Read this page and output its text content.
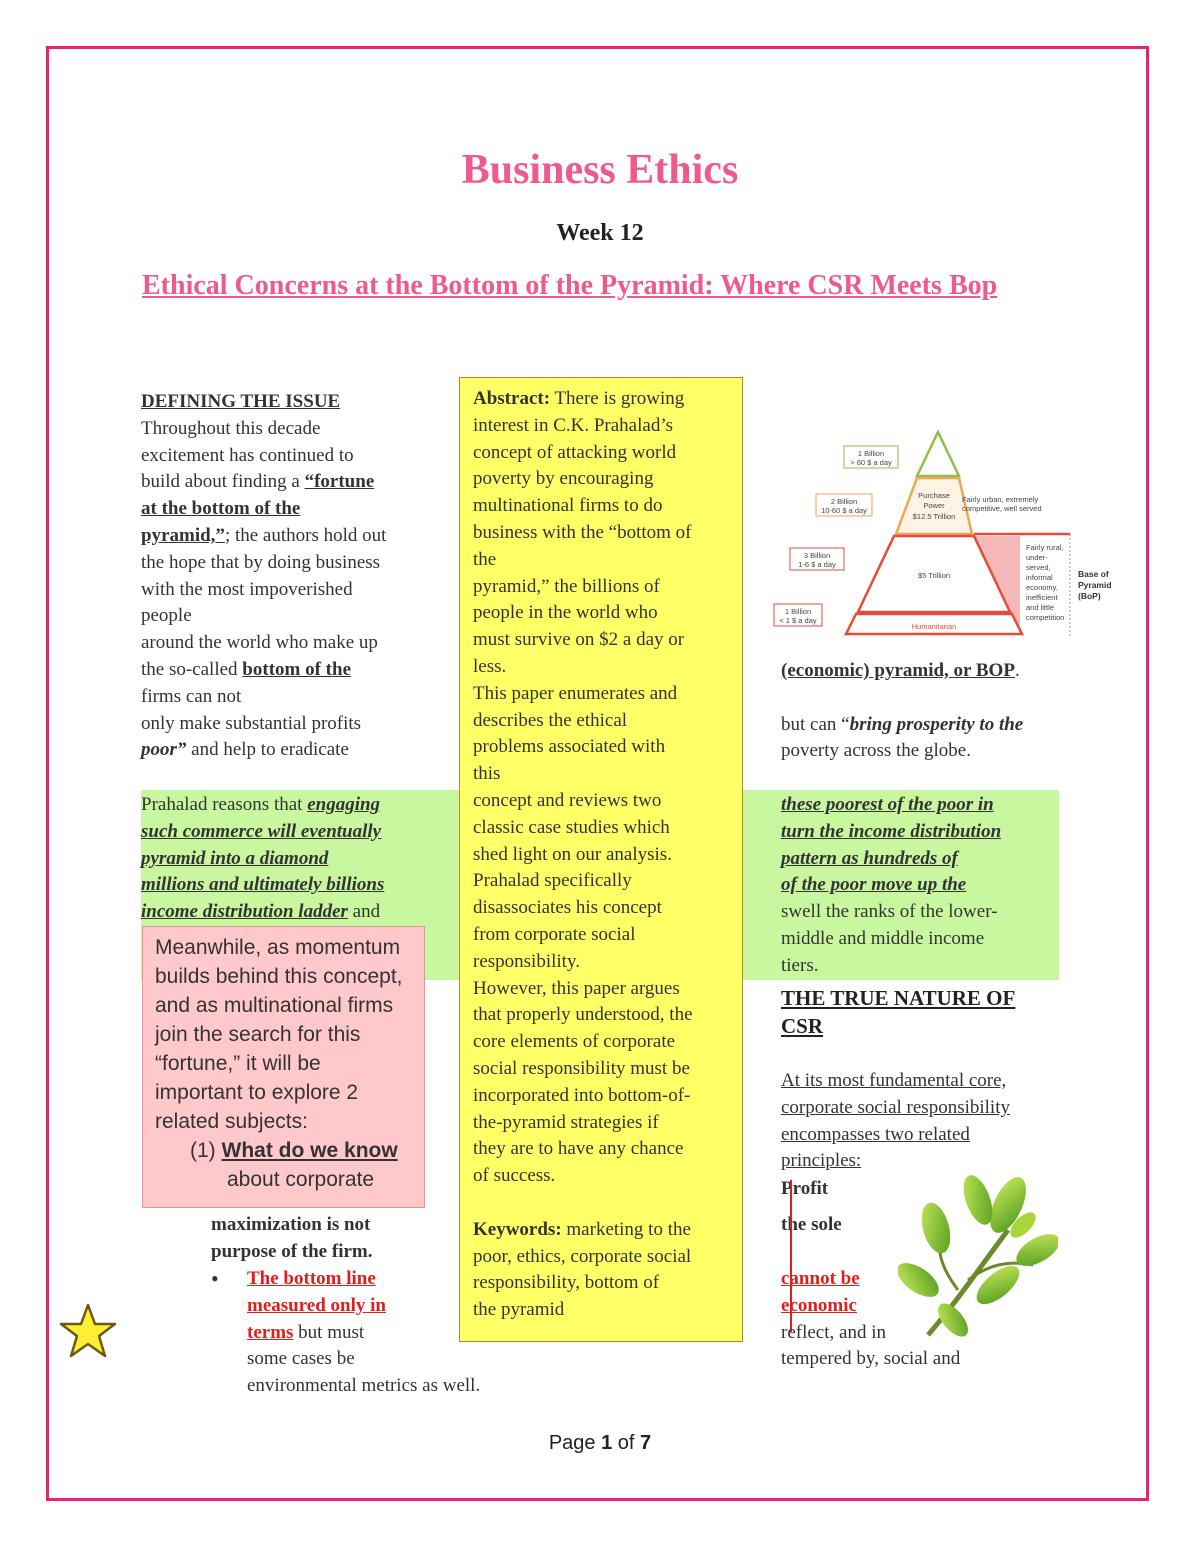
Business Ethics
Week 12
Ethical Concerns at the Bottom of the Pyramid: Where CSR Meets Bop
DEFINING THE ISSUE
Throughout this decade
excitement has continued to
build about finding a “fortune
at the bottom of the
pyramid,”; the authors hold out
the hope that by doing business
with the most impoverished
people
around the world who make up
the so-called bottom of the
firms can not
only make substantial profits
poor” and help to eradicate
Prahalad reasons that engaging
such commerce will eventually
pyramid into a diamond
millions and ultimately billions
income distribution ladder and
Meanwhile, as momentum
builds behind this concept,
and as multinational firms
join the search for this
“fortune,” it will be
important to explore 2
related subjects:
(1) What do we know
about corporate
maximization is not
purpose of the firm.
•	The bottom line
measured only in
terms but must
some cases be
environmental metrics as well.
Abstract: There is growing
interest in C.K. Prahalad’s
concept of attacking world
poverty by encouraging
multinational firms to do
business with the “bottom of
the
pyramid,” the billions of
people in the world who
must survive on $2 a day or
less.
This paper enumerates and
describes the ethical
problems associated with
this
concept and reviews two
classic case studies which
shed light on our analysis.
Prahalad specifically
disassociates his concept
from corporate social
responsibility.
However, this paper argues
that properly understood, the
core elements of corporate
social responsibility must be
incorporated into bottom-of-
the-pyramid strategies if
they are to have any chance
of success.
Keywords: marketing to the
poor, ethics, corporate social
responsibility, bottom of
the pyramid
1 Billion
> 60 $ a day
2 Billion
10-60 $ a day
3 Billion
1-6 $ a day
1 Billion
< 1 $ a day
Purchase
Power
$12.5 Trillion
$5 Trillion
Humanitarian
Fairly urban, extremely
competitive, well served
Fairly rural,
under-
served,
informal
economy,
inefficient
and little
competition
Base of
Pyramid
(BoP)
(economic) pyramid, or BOP.
but can “bring prosperity to the
poverty across the globe.
these poorest of the poor in
turn the income distribution
pattern as hundreds of
of the poor move up the
swell the ranks of the lower-
middle and middle income
tiers.
THE TRUE NATURE OF
CSR
At its most fundamental core,
corporate social responsibility
encompasses two related
principles:
Profit
the sole
cannot be
economic
reflect, and in
tempered by, social and
Page 1 of 7
